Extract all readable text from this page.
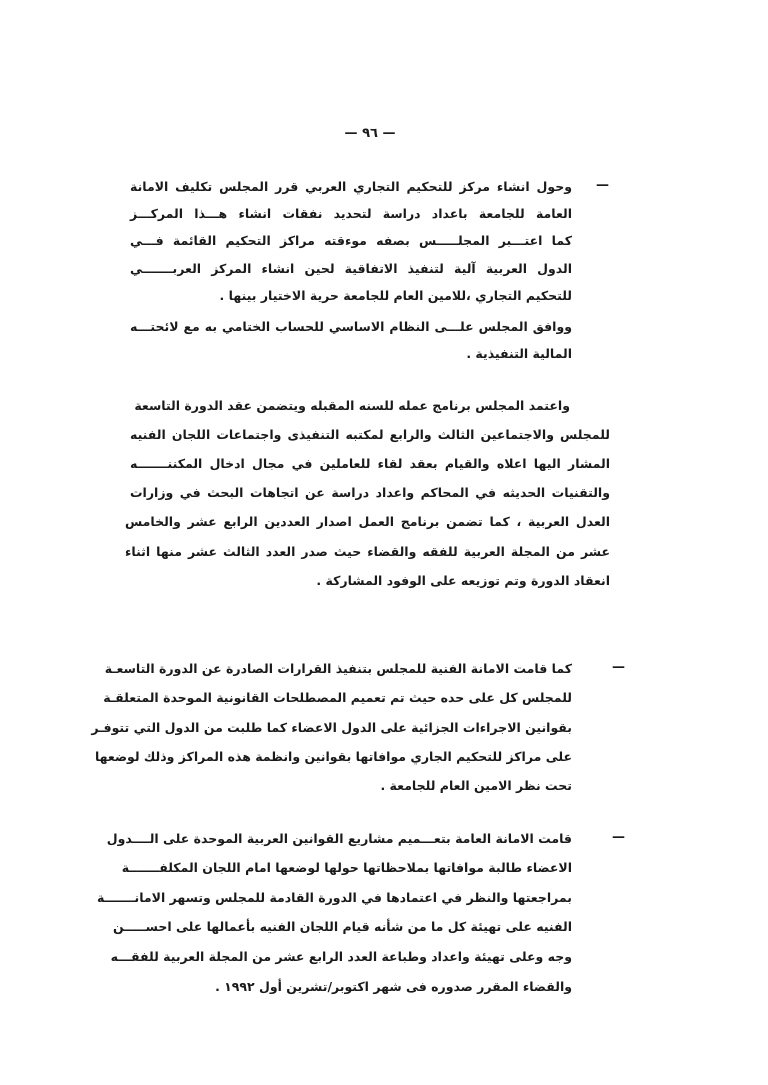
— ٩٦ —
—
وحول انشاء مركز للتحكيم التجاري العربي قرر المجلس تكليف الامانة
العامة للجامعة باعداد دراسة لتحديد نفقات انشاء هـــذا المركـــز
كما اعتـــبر المجلـــــس بصفه موءقته مراكز التحكيم القائمة فـــي
الدول العربية آلية لتنفيذ الاتفاقية لحين انشاء المركز العربـــــــي
للتحكيم التجاري ،للامين العام للجامعة حرية الاختيار بينها .
ووافق المجلس علـــى النظام الاساسي للحساب الختامي به مع لائحتـــه
المالية التنفيذية .
واعتمد المجلس برنامج عمله للسنه المقبله ويتضمن عقد الدورة التاسعة
للمجلس والاجتماعين الثالث والرابع لمكتبه التنفيذى واجتماعات اللجان الفنيه
المشار اليها اعلاه والقيام بعقد لقاء للعاملين في مجال ادخال المكننـــــــه
والتقنيات الحديثه في المحاكم واعداد دراسة عن اتجاهات البحث في وزارات
العدل العربية ، كما تضمن برنامج العمل اصدار العددين الرابع عشر والخامس
عشر من المجلة العربية للفقه والقضاء حيث صدر العدد الثالث عشر منها اثناء
انعقاد الدورة وتم توزيعه على الوفود المشاركة .
—
كما قامت الامانة الفنية للمجلس بتنفيذ القرارات الصادرة عن الدورة التاسعـة
للمجلس كل على حده حيث تم تعميم المصطلحات القانونية الموحدة المتعلقـة
بقوانين الاجراءات الجزائية على الدول الاعضاء كما طلبت من الدول التي تتوفـر
على مراكز للتحكيم الجاري موافاتها بقوانين وانظمة هذه المراكز وذلك لوضعها
تحت نظر الامين العام للجامعة .
—
قامت الامانة العامة بتعـــميم مشاريع القوانين العربية الموحدة على الــــدول
الاعضاء طالبة موافاتها بملاحظاتها حولها لوضعها امام اللجان المكلفـــــــة
بمراجعتها والنظر في اعتمادها في الدورة القادمة للمجلس وتسهر الامانـــــــة
الفنيه على تهيئة كل ما من شأنه قيام اللجان الفنيه بأعمالها على احســـــن
وجه وعلى تهيئة واعداد وطباعة العدد الرابع عشر من المجلة العربية للفقـــه
والقضاء المقرر صدوره فى شهر اكتوبر/تشرين أول ١٩٩٢ .
